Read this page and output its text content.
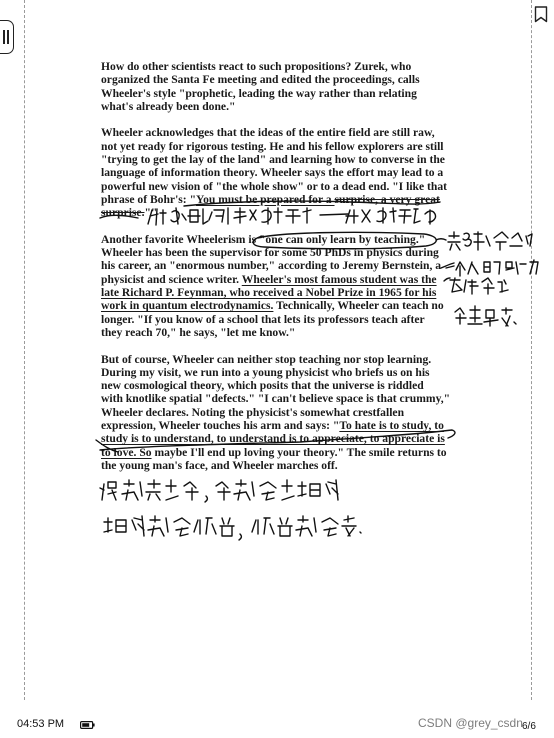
How do other scientists react to such propositions? Zurek, who
organized the Santa Fe meeting and edited the proceedings, calls
Wheeler's style "prophetic, leading the way rather than relating
what's already been done."
Wheeler acknowledges that the ideas of the entire field are still raw,
not yet ready for rigorous testing. He and his fellow explorers are still
"trying to get the lay of the land" and learning how to converse in the
language of information theory. Wheeler says the effort may lead to a
powerful new vision of "the whole show" or to a dead end. "I like that
phrase of Bohr's: "You must be prepared for a surprise, a very great
surprise.""
Another favorite Wheelerism is "one can only learn by teaching."
Wheeler has been the supervisor for some 50 PhDs in physics during
his career, an "enormous number," according to Jeremy Bernstein, a
physicist and science writer. Wheeler's most famous student was the
late Richard P. Feynman, who received a Nobel Prize in 1965 for his
work in quantum electrodynamics. Technically, Wheeler can teach no
longer. "If you know of a school that lets its professors teach after
they reach 70," he says, "let me know."
But of course, Wheeler can neither stop teaching nor stop learning.
During my visit, we run into a young physicist who briefs us on his
new cosmological theory, which posits that the universe is riddled
with knotlike spatial "defects." "I can't believe space is that crummy,"
Wheeler declares. Noting the physicist's somewhat crestfallen
expression, Wheeler touches his arm and says: "To hate is to study, to
study is to understand, to understand is to appreciate, to appreciate is
to love. So maybe I'll end up loving your theory." The smile returns to
the young man's face, and Wheeler marches off.
04:53 PM	CSDN @grey_csdn 6/6
